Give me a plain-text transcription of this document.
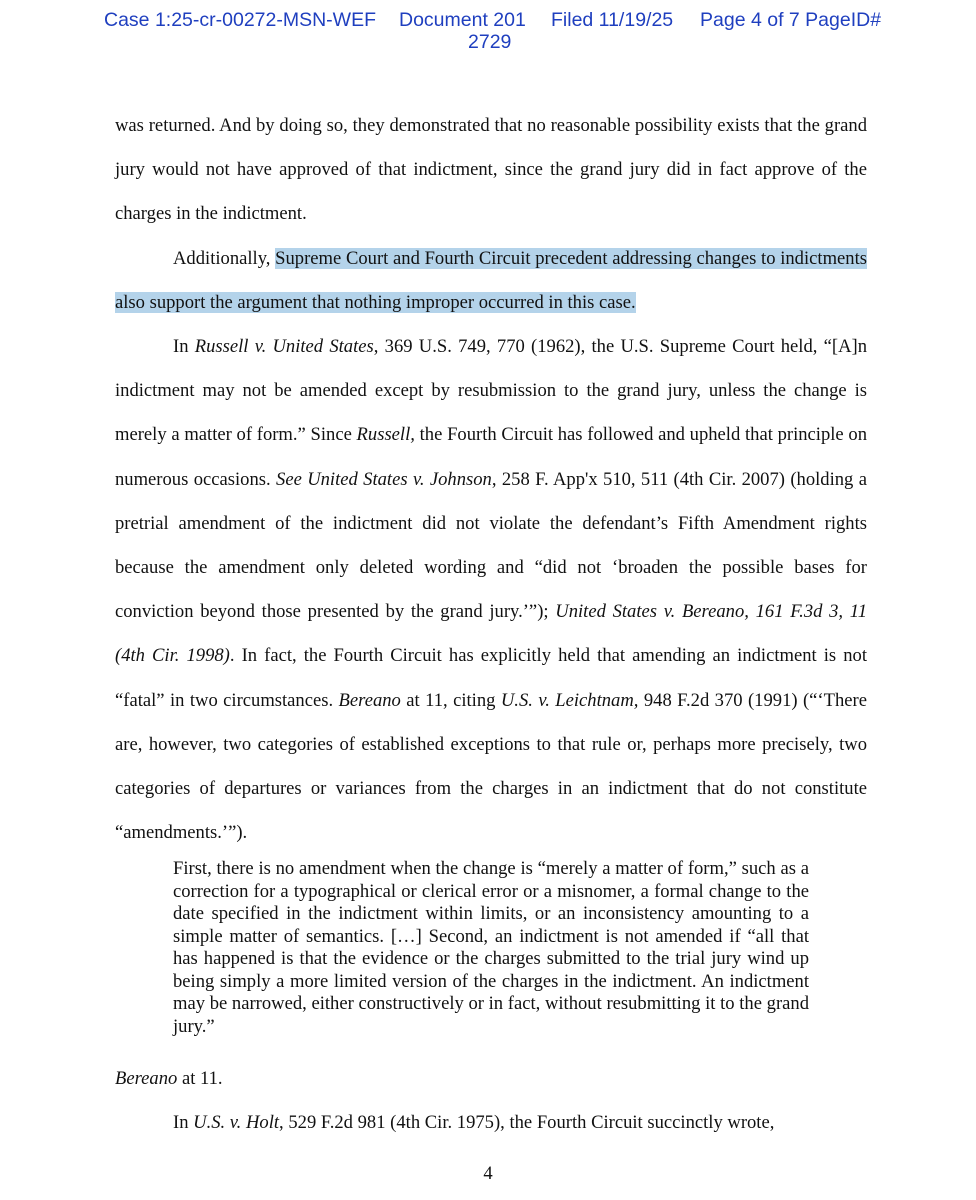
Case 1:25-cr-00272-MSN-WEF Document 201 Filed 11/19/25 Page 4 of 7 PageID#
2729

was returned. And by doing so, they demonstrated that no reasonable possibility exists that the grand jury would not have approved of that indictment, since the grand jury did in fact approve of the charges in the indictment.

Additionally, Supreme Court and Fourth Circuit precedent addressing changes to indictments also support the argument that nothing improper occurred in this case.

In Russell v. United States, 369 U.S. 749, 770 (1962), the U.S. Supreme Court held, “[A]n indictment may not be amended except by resubmission to the grand jury, unless the change is merely a matter of form.” Since Russell, the Fourth Circuit has followed and upheld that principle on numerous occasions. See United States v. Johnson, 258 F. App'x 510, 511 (4th Cir. 2007) (holding a pretrial amendment of the indictment did not violate the defendant’s Fifth Amendment rights because the amendment only deleted wording and “did not ‘broaden the possible bases for conviction beyond those presented by the grand jury.’”); United States v. Bereano, 161 F.3d 3, 11 (4th Cir. 1998). In fact, the Fourth Circuit has explicitly held that amending an indictment is not “fatal” in two circumstances. Bereano at 11, citing U.S. v. Leichtnam, 948 F.2d 370 (1991) (“‘There are, however, two categories of established exceptions to that rule or, perhaps more precisely, two categories of departures or variances from the charges in an indictment that do not constitute “amendments.’”).

First, there is no amendment when the change is “merely a matter of form,” such as a correction for a typographical or clerical error or a misnomer, a formal change to the date specified in the indictment within limits, or an inconsistency amounting to a simple matter of semantics. […] Second, an indictment is not amended if “all that has happened is that the evidence or the charges submitted to the trial jury wind up being simply a more limited version of the charges in the indictment. An indictment may be narrowed, either constructively or in fact, without resubmitting it to the grand jury.”

Bereano at 11.

In U.S. v. Holt, 529 F.2d 981 (4th Cir. 1975), the Fourth Circuit succinctly wrote,

4
